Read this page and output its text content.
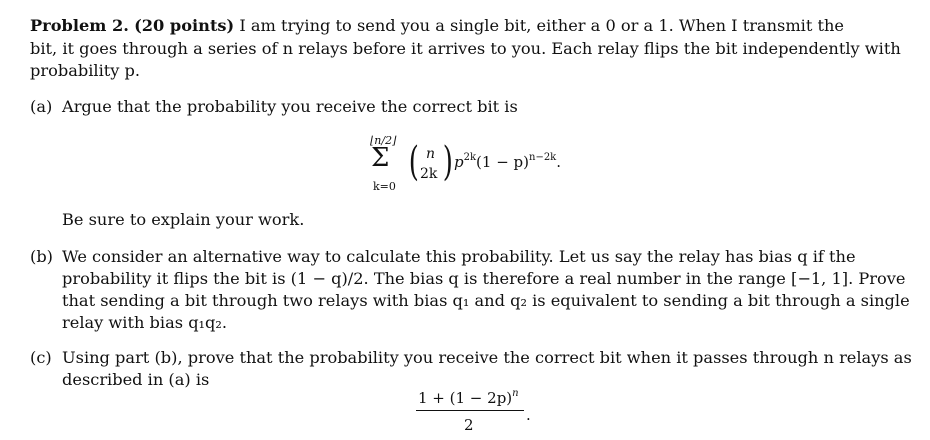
Problem 2. (20 points) I am trying to send you a single bit, either a 0 or a 1. When I transmit the

bit, it goes through a series of n relays before it arrives to you. Each relay flips the bit independently with

probability p.

(a) Argue that the probability you receive the correct bit is

⌊n/2⌋
Σ
k=0
( n
2k ) $p^{2k}(1 - p)^{n-2k}$.

Be sure to explain your work.

(b) We consider an alternative way to calculate this probability. Let us say the relay has bias q if the

probability it flips the bit is (1 − q)/2. The bias q is therefore a real number in the range [−1, 1]. Prove

that sending a bit through two relays with bias q₁ and q₂ is equivalent to sending a bit through a single

relay with bias q₁q₂.

(c) Using part (b), prove that the probability you receive the correct bit when it passes through n relays as

described in (a) is

$1 + (1 - 2p)^n$
2
.
